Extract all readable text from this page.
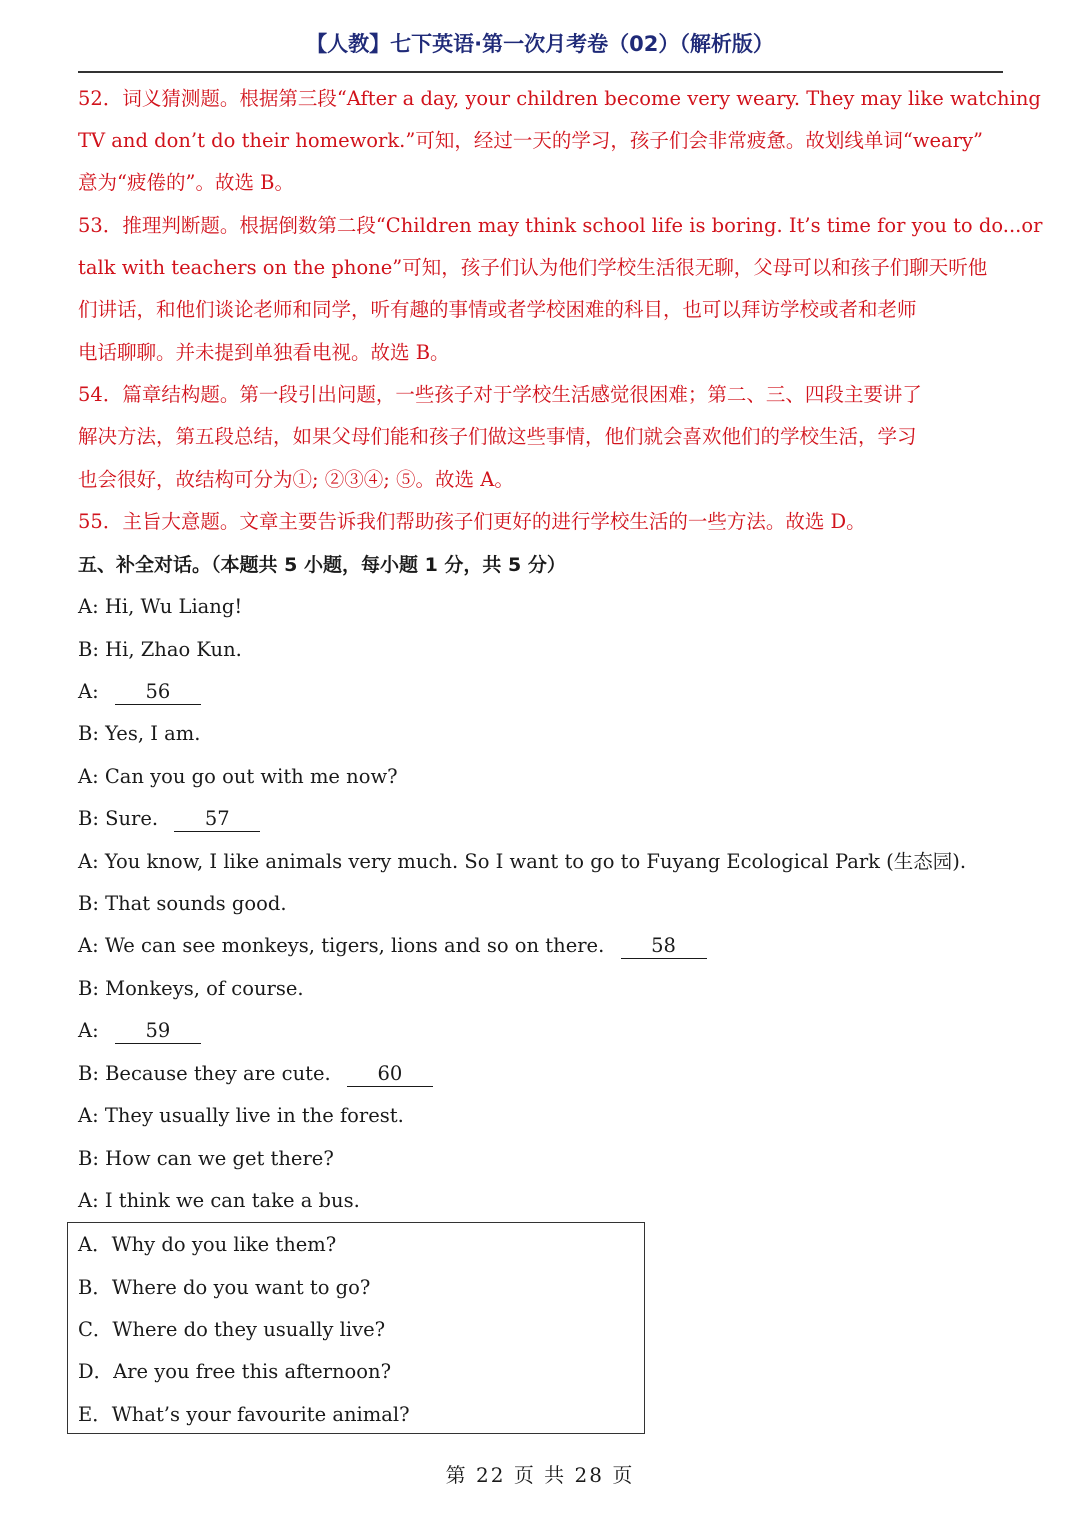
【人教】七下英语·第一次月考卷（02）（解析版）
52．词义猜测题。根据第三段“After a day, your children become very weary. They may like watching
TV and don’t do their homework.”可知，经过一天的学习，孩子们会非常疲惫。故划线单词“weary”
意为“疲倦的”。故选 B。
53．推理判断题。根据倒数第二段“Children may think school life is boring. It’s time for you to do...or
talk with teachers on the phone”可知，孩子们认为他们学校生活很无聊，父母可以和孩子们聊天听他
们讲话，和他们谈论老师和同学，听有趣的事情或者学校困难的科目，也可以拜访学校或者和老师
电话聊聊。并未提到单独看电视。故选 B。
54．篇章结构题。第一段引出问题，一些孩子对于学校生活感觉很困难；第二、三、四段主要讲了
解决方法，第五段总结，如果父母们能和孩子们做这些事情，他们就会喜欢他们的学校生活，学习
也会很好，故结构可分为①; ②③④; ⑤。故选 A。
55．主旨大意题。文章主要告诉我们帮助孩子们更好的进行学校生活的一些方法。故选 D。
五、补全对话。（本题共 5 小题，每小题 1 分，共 5 分）
A: Hi, Wu Liang!
B: Hi, Zhao Kun.
A: 56
B: Yes, I am.
A: Can you go out with me now?
B: Sure. 57
A: You know, I like animals very much. So I want to go to Fuyang Ecological Park (生态园).
B: That sounds good.
A: We can see monkeys, tigers, lions and so on there. 58
B: Monkeys, of course.
A: 59
B: Because they are cute. 60
A: They usually live in the forest.
B: How can we get there?
A: I think we can take a bus.
A．Why do you like them?
B．Where do you want to go?
C．Where do they usually live?
D．Are you free this afternoon?
E．What’s your favourite animal?
第 22 页 共 28 页
